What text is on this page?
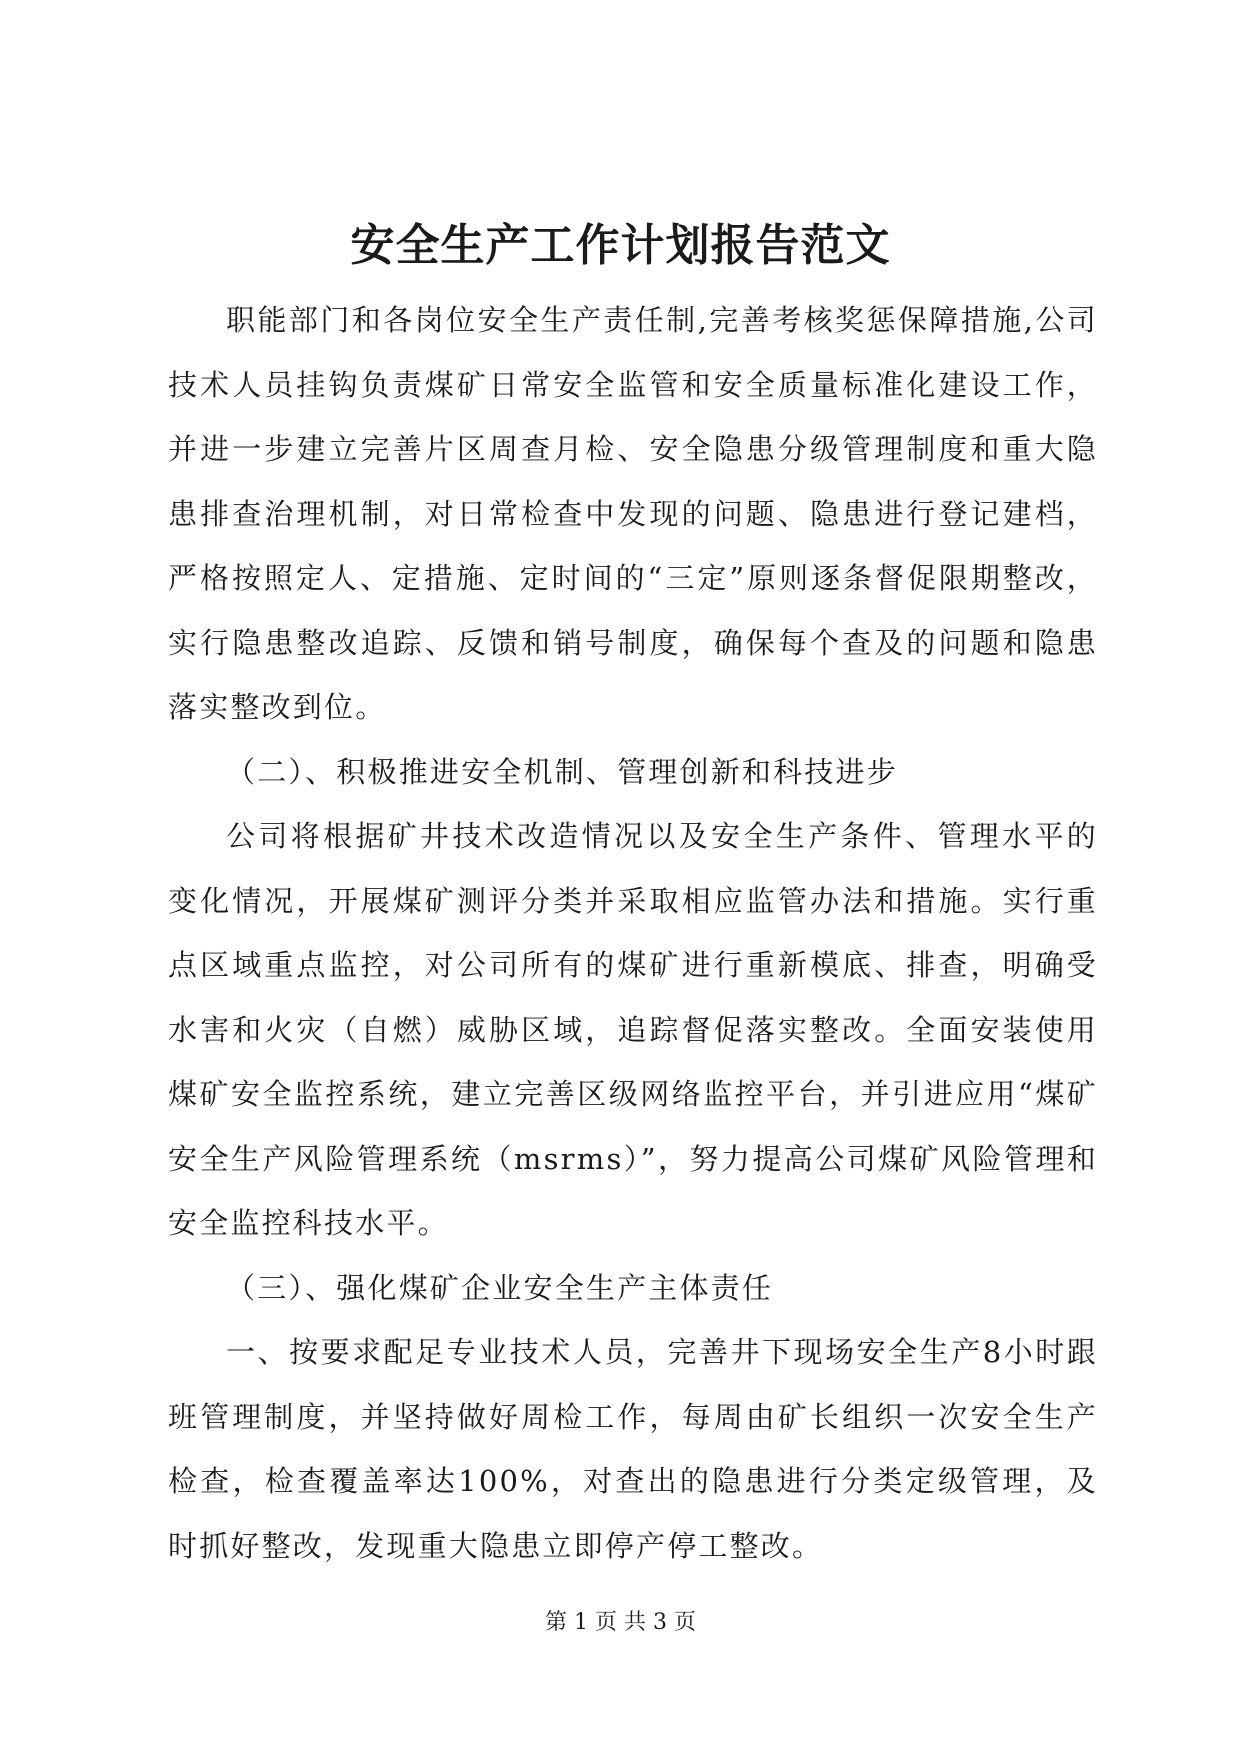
安全生产工作计划报告范文

职能部门和各岗位安全生产责任制,完善考核奖惩保障措施,公司技术人员挂钩负责煤矿日常安全监管和安全质量标准化建设工作，并进一步建立完善片区周查月检、安全隐患分级管理制度和重大隐患排查治理机制，对日常检查中发现的问题、隐患进行登记建档，严格按照定人、定措施、定时间的“三定”原则逐条督促限期整改，实行隐患整改追踪、反馈和销号制度，确保每个查及的问题和隐患落实整改到位。

（二）、积极推进安全机制、管理创新和科技进步

公司将根据矿井技术改造情况以及安全生产条件、管理水平的变化情况，开展煤矿测评分类并采取相应监管办法和措施。实行重点区域重点监控，对公司所有的煤矿进行重新模底、排查，明确受水害和火灾（自燃）威胁区域，追踪督促落实整改。全面安装使用煤矿安全监控系统，建立完善区级网络监控平台，并引进应用“煤矿安全生产风险管理系统（msrms）”，努力提高公司煤矿风险管理和安全监控科技水平。

（三）、强化煤矿企业安全生产主体责任

一、按要求配足专业技术人员，完善井下现场安全生产8小时跟班管理制度，并坚持做好周检工作，每周由矿长组织一次安全生产检查，检查覆盖率达100%，对查出的隐患进行分类定级管理，及时抓好整改，发现重大隐患立即停产停工整改。

第 1 页 共 3 页
